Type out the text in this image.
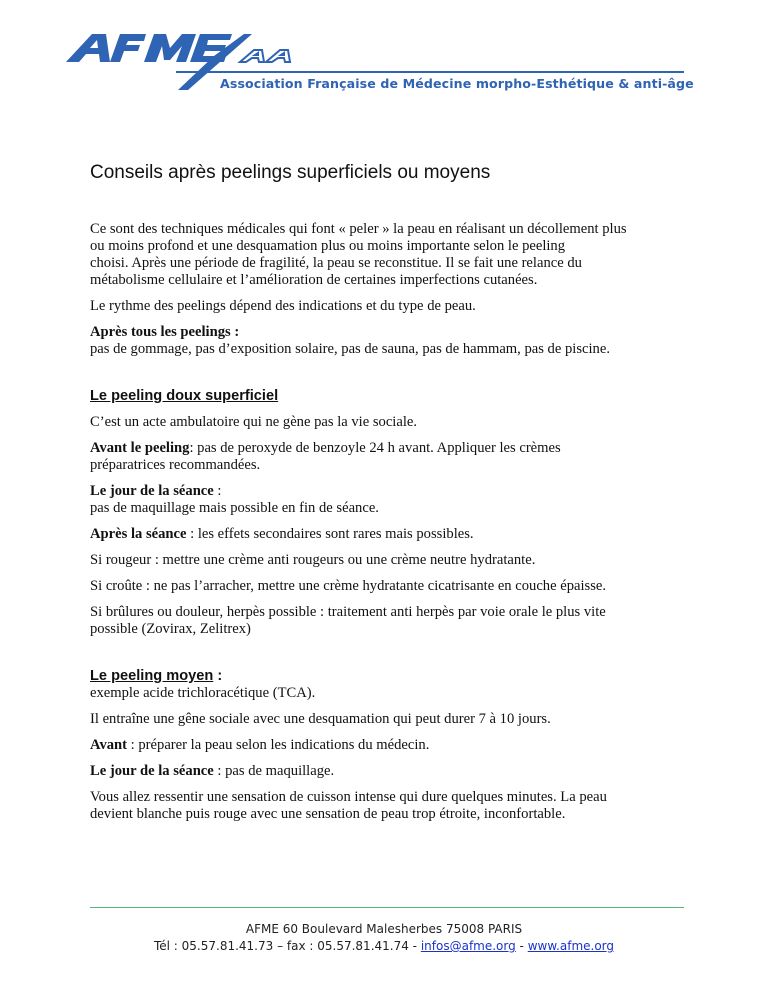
Association Française de Médecine morpho-Esthétique & anti-âge
Conseils après peelings superficiels ou moyens

Ce sont des techniques médicales qui font « peler » la peau en réalisant un décollement plus

ou moins profond et une desquamation plus ou moins importante selon le peeling

choisi. Après une période de fragilité, la peau se reconstitue. Il se fait une relance du

métabolisme cellulaire et l’amélioration de certaines imperfections cutanées.

Le rythme des peelings dépend des indications et du type de peau.

Après tous les peelings :

pas de gommage, pas d’exposition solaire, pas de sauna, pas de hammam, pas de piscine.

Le peeling doux superficiel

C’est un acte ambulatoire qui ne gène pas la vie sociale.

Avant le peeling: pas de peroxyde de benzoyle 24 h avant. Appliquer les crèmes

préparatrices recommandées.

Le jour de la séance :

pas de maquillage mais possible en fin de séance.

Après la séance : les effets secondaires sont rares mais possibles.

Si rougeur : mettre une crème anti rougeurs ou une crème neutre hydratante.

Si croûte : ne pas l’arracher, mettre une crème hydratante cicatrisante en couche épaisse.

Si brûlures ou douleur, herpès possible : traitement anti herpès par voie orale le plus vite

possible (Zovirax, Zelitrex)

Le peeling moyen :

exemple acide trichloracétique (TCA).

Il entraîne une gêne sociale avec une desquamation qui peut durer 7 à 10 jours.

Avant : préparer la peau selon les indications du médecin.

Le jour de la séance : pas de maquillage.

Vous allez ressentir une sensation de cuisson intense qui dure quelques minutes. La peau

devient blanche puis rouge avec une sensation de peau trop étroite, inconfortable.

AFME 60 Boulevard Malesherbes 75008 PARIS
Tél : 05.57.81.41.73 – fax : 05.57.81.41.74 - infos@afme.org - www.afme.org
